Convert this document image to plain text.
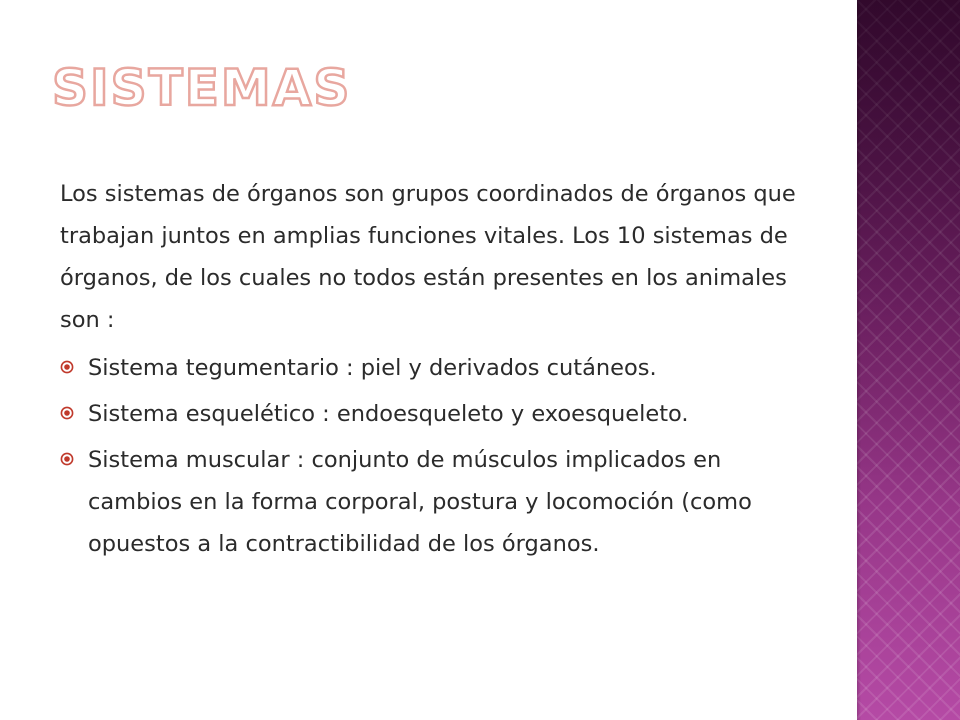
SISTEMAS

Los sistemas de órganos son grupos coordinados de órganos que trabajan juntos en amplias funciones vitales. Los 10 sistemas de órganos, de los cuales no todos están presentes en los animales son :

Sistema tegumentario : piel y derivados cutáneos.
Sistema esquelético : endoesqueleto y exoesqueleto.
Sistema muscular : conjunto de músculos implicados en cambios en la forma corporal, postura y locomoción (como opuestos a la contractibilidad de los órganos.
